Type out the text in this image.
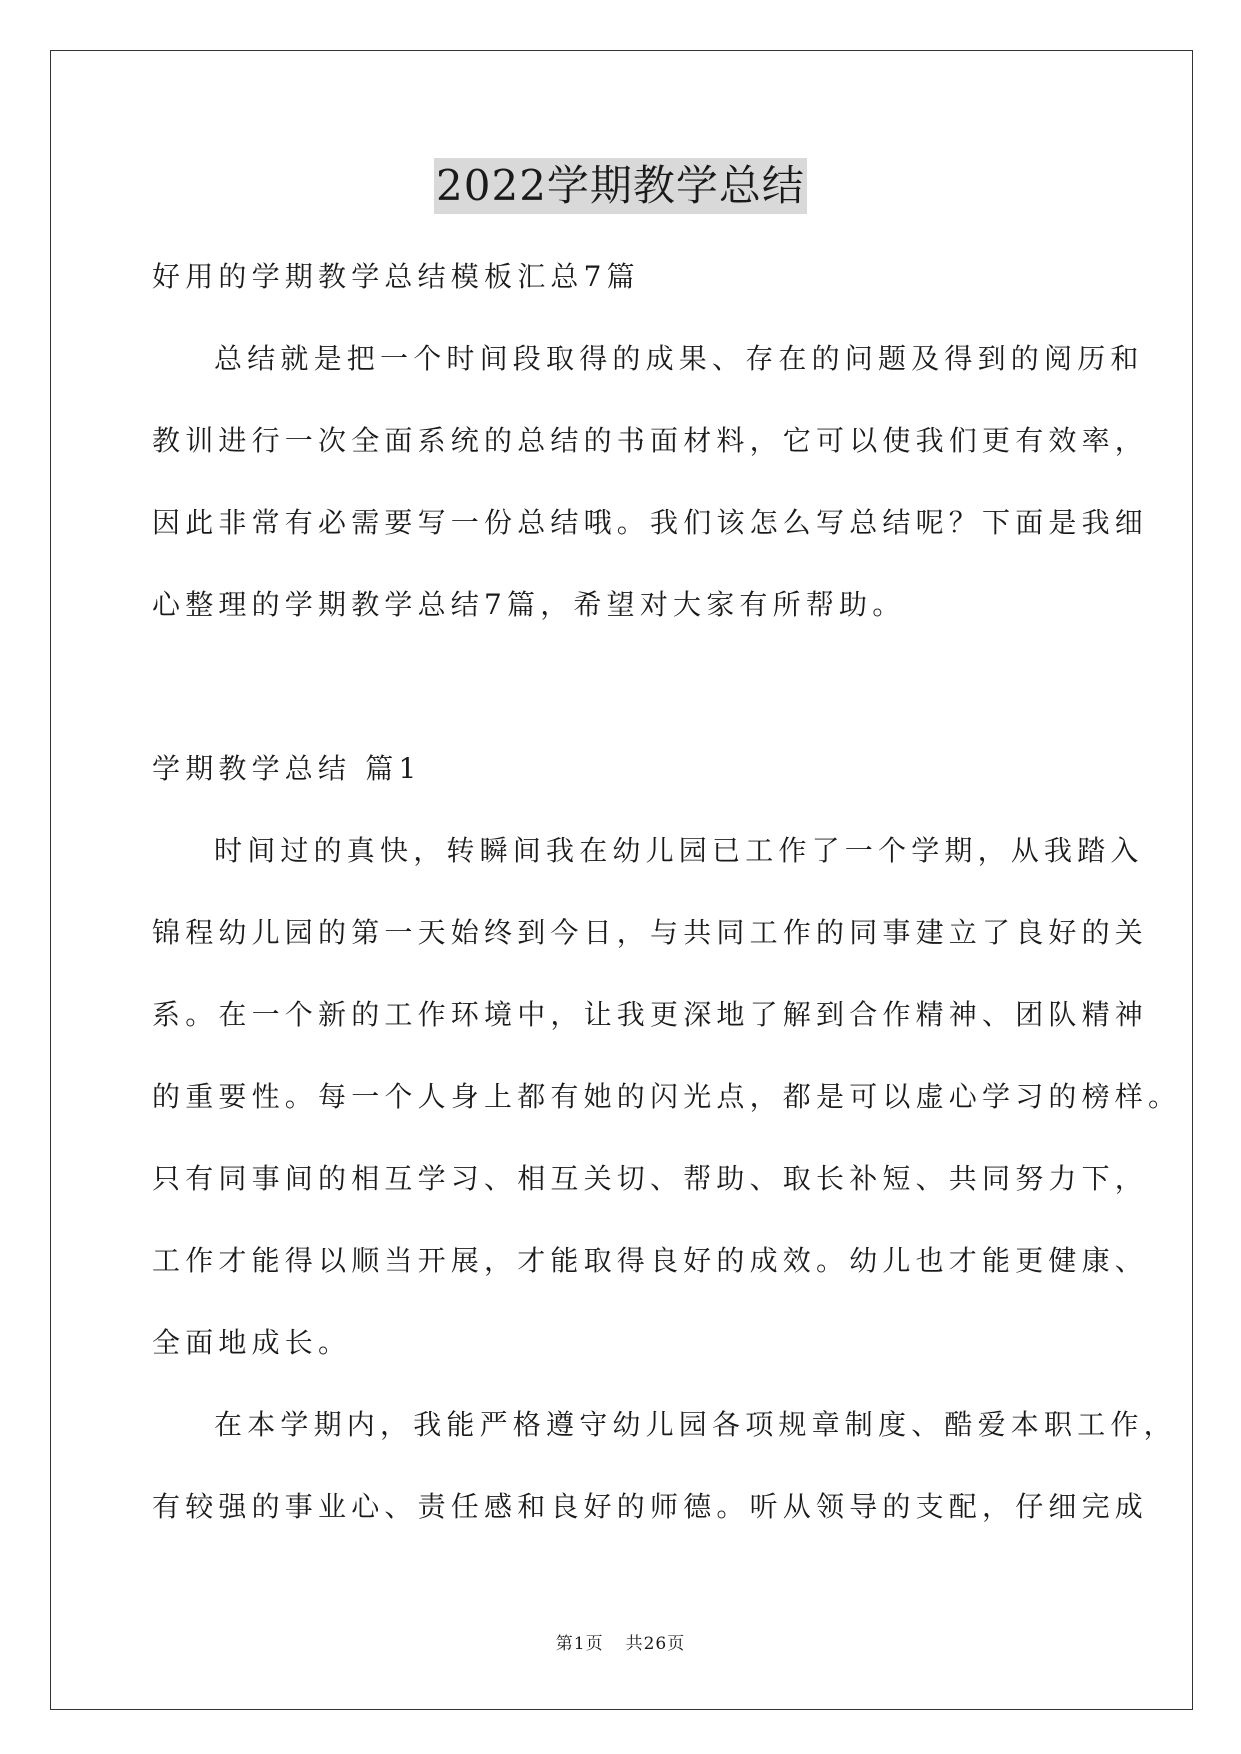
2022学期教学总结
好用的学期教学总结模板汇总7篇
总结就是把一个时间段取得的成果、存在的问题及得到的阅历和
教训进行一次全面系统的总结的书面材料，它可以使我们更有效率，
因此非常有必需要写一份总结哦。我们该怎么写总结呢？下面是我细
心整理的学期教学总结7篇，希望对大家有所帮助。
学期教学总结 篇1
时间过的真快，转瞬间我在幼儿园已工作了一个学期，从我踏入
锦程幼儿园的第一天始终到今日，与共同工作的同事建立了良好的关
系。在一个新的工作环境中，让我更深地了解到合作精神、团队精神
的重要性。每一个人身上都有她的闪光点，都是可以虚心学习的榜样。
只有同事间的相互学习、相互关切、帮助、取长补短、共同努力下，
工作才能得以顺当开展，才能取得良好的成效。幼儿也才能更健康、
全面地成长。
在本学期内，我能严格遵守幼儿园各项规章制度、酷爱本职工作，
有较强的事业心、责任感和良好的师德。听从领导的支配，仔细完成
第1页 共26页
